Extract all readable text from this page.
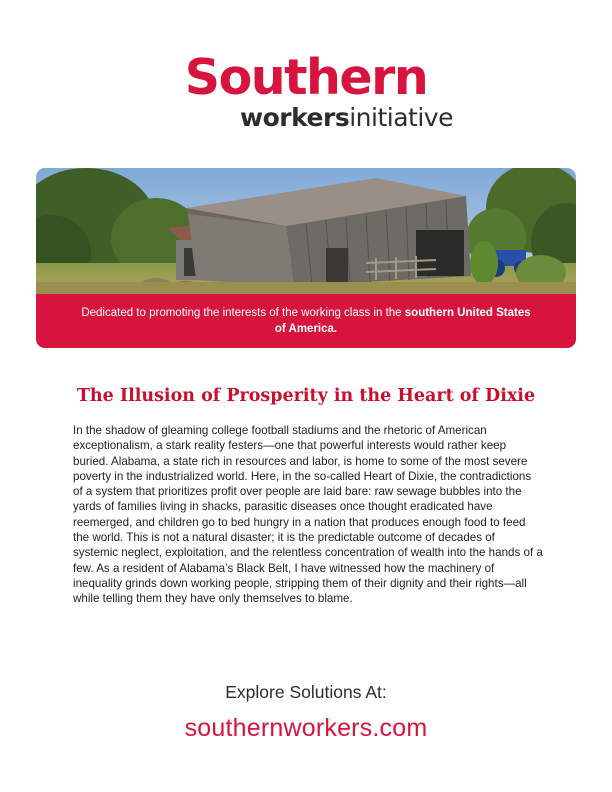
Southern
workersinitiative
Dedicated to promoting the interests of the working class in the southern United States of America.
The Illusion of Prosperity in the Heart of Dixie

In the shadow of gleaming college football stadiums and the rhetoric of American exceptionalism, a stark reality festers—one that powerful interests would rather keep buried. Alabama, a state rich in resources and labor, is home to some of the most severe poverty in the industrialized world. Here, in the so-called Heart of Dixie, the contradictions of a system that prioritizes profit over people are laid bare: raw sewage bubbles into the yards of families living in shacks, parasitic diseases once thought eradicated have reemerged, and children go to bed hungry in a nation that produces enough food to feed the world. This is not a natural disaster; it is the predictable outcome of decades of systemic neglect, exploitation, and the relentless concentration of wealth into the hands of a few. As a resident of Alabama’s Black Belt, I have witnessed how the machinery of inequality grinds down working people, stripping them of their dignity and their rights—all while telling them they have only themselves to blame.

Explore Solutions At:
southernworkers.com
